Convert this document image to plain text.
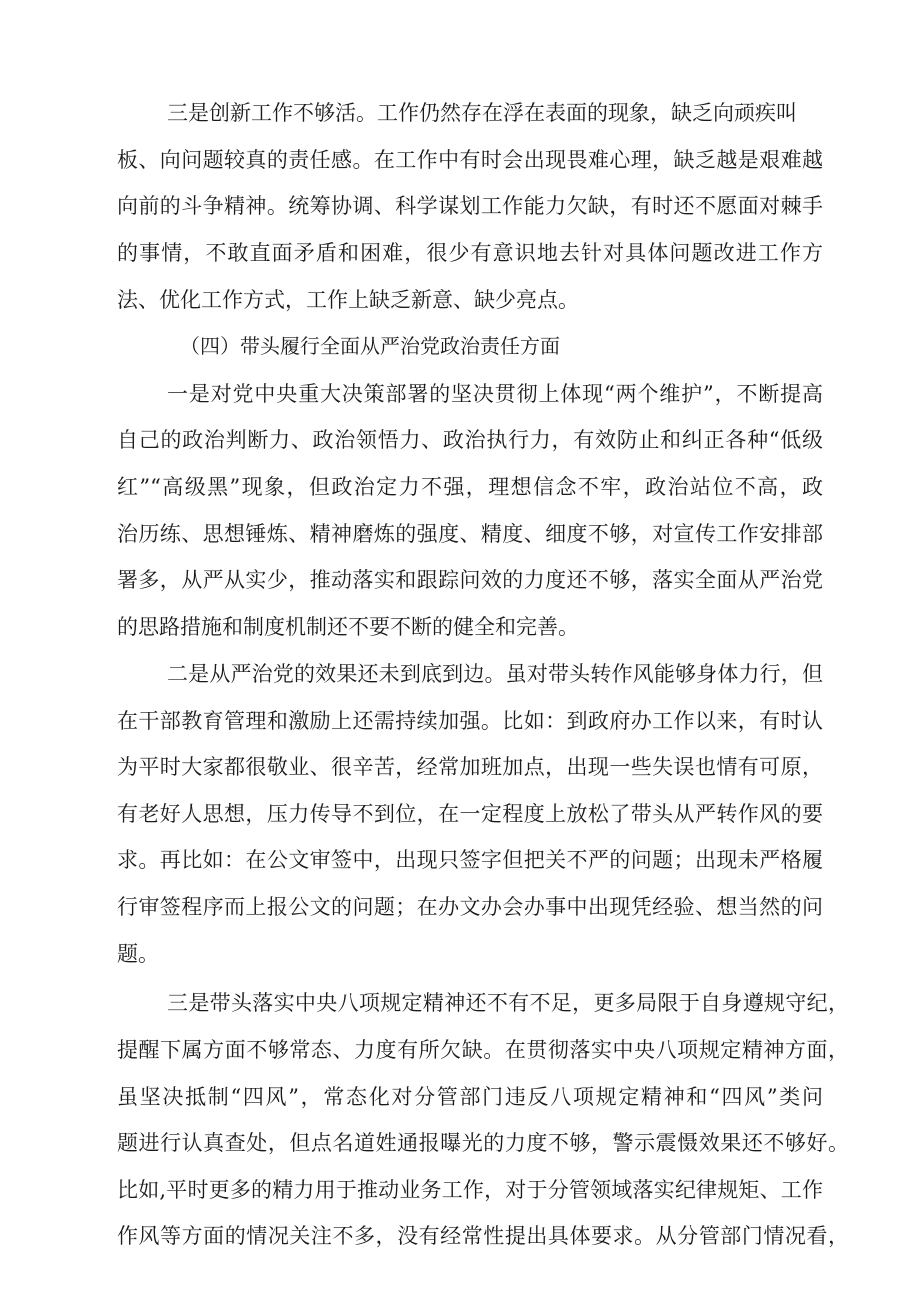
三是创新工作不够活。工作仍然存在浮在表面的现象，缺乏向顽疾叫
板、向问题较真的责任感。在工作中有时会出现畏难心理，缺乏越是艰难越
向前的斗争精神。统筹协调、科学谋划工作能力欠缺，有时还不愿面对棘手
的事情，不敢直面矛盾和困难，很少有意识地去针对具体问题改进工作方
法、优化工作方式，工作上缺乏新意、缺少亮点。
（四）带头履行全面从严治党政治责任方面
一是对党中央重大决策部署的坚决贯彻上体现“两个维护”，不断提高
自己的政治判断力、政治领悟力、政治执行力，有效防止和纠正各种“低级
红”“高级黑”现象，但政治定力不强，理想信念不牢，政治站位不高，政
治历练、思想锤炼、精神磨炼的强度、精度、细度不够，对宣传工作安排部
署多，从严从实少，推动落实和跟踪问效的力度还不够，落实全面从严治党
的思路措施和制度机制还不要不断的健全和完善。
二是从严治党的效果还未到底到边。虽对带头转作风能够身体力行，但
在干部教育管理和激励上还需持续加强。比如：到政府办工作以来，有时认
为平时大家都很敬业、很辛苦，经常加班加点，出现一些失误也情有可原，
有老好人思想，压力传导不到位，在一定程度上放松了带头从严转作风的要
求。再比如：在公文审签中，出现只签字但把关不严的问题；出现未严格履
行审签程序而上报公文的问题；在办文办会办事中出现凭经验、想当然的问
题。
三是带头落实中央八项规定精神还不有不足，更多局限于自身遵规守纪，
提醒下属方面不够常态、力度有所欠缺。在贯彻落实中央八项规定精神方面，
虽坚决抵制“四风”，常态化对分管部门违反八项规定精神和“四风”类问
题进行认真查处，但点名道姓通报曝光的力度不够，警示震慑效果还不够好。
比如,平时更多的精力用于推动业务工作，对于分管领域落实纪律规矩、工作
作风等方面的情况关注不多，没有经常性提出具体要求。从分管部门情况看，
